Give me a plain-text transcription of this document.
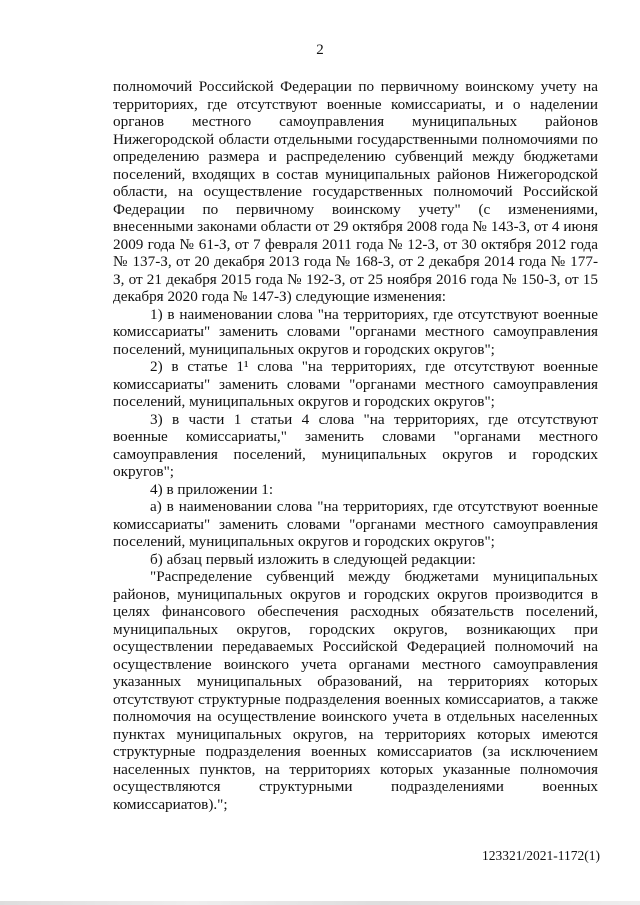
2

полномочий Российской Федерации по первичному воинскому учету на территориях, где отсутствуют военные комиссариаты, и о наделении органов местного самоуправления муниципальных районов Нижегородской области отдельными государственными полномочиями по определению размера и распределению субвенций между бюджетами поселений, входящих в состав муниципальных районов Нижегородской области, на осуществление государственных полномочий Российской Федерации по первичному воинскому учету" (с изменениями, внесенными законами области от 29 октября 2008 года № 143-З, от 4 июня 2009 года № 61-З, от 7 февраля 2011 года № 12-З, от 30 октября 2012 года № 137-З, от 20 декабря 2013 года № 168-З, от 2 декабря 2014 года № 177-З, от 21 декабря 2015 года № 192-З, от 25 ноября 2016 года № 150-З, от 15 декабря 2020 года № 147-З) следующие изменения:

1) в наименовании слова "на территориях, где отсутствуют военные комиссариаты" заменить словами "органами местного самоуправления поселений, муниципальных округов и городских округов";

2) в статье 1¹ слова "на территориях, где отсутствуют военные комиссариаты" заменить словами "органами местного самоуправления поселений, муниципальных округов и городских округов";

3) в части 1 статьи 4 слова "на территориях, где отсутствуют военные комиссариаты," заменить словами "органами местного самоуправления поселений, муниципальных округов и городских округов";

4) в приложении 1:

а) в наименовании слова "на территориях, где отсутствуют военные комиссариаты" заменить словами "органами местного самоуправления поселений, муниципальных округов и городских округов";

б) абзац первый изложить в следующей редакции:

"Распределение субвенций между бюджетами муниципальных районов, муниципальных округов и городских округов производится в целях финансового обеспечения расходных обязательств поселений, муниципальных округов, городских округов, возникающих при осуществлении передаваемых Российской Федерацией полномочий на осуществление воинского учета органами местного самоуправления указанных муниципальных образований, на территориях которых отсутствуют структурные подразделения военных комиссариатов, а также полномочия на осуществление воинского учета в отдельных населенных пунктах муниципальных округов, на территориях которых имеются структурные подразделения военных комиссариатов (за исключением населенных пунктов, на территориях которых указанные полномочия осуществляются структурными подразделениями военных комиссариатов).";

123321/2021-1172(1)
